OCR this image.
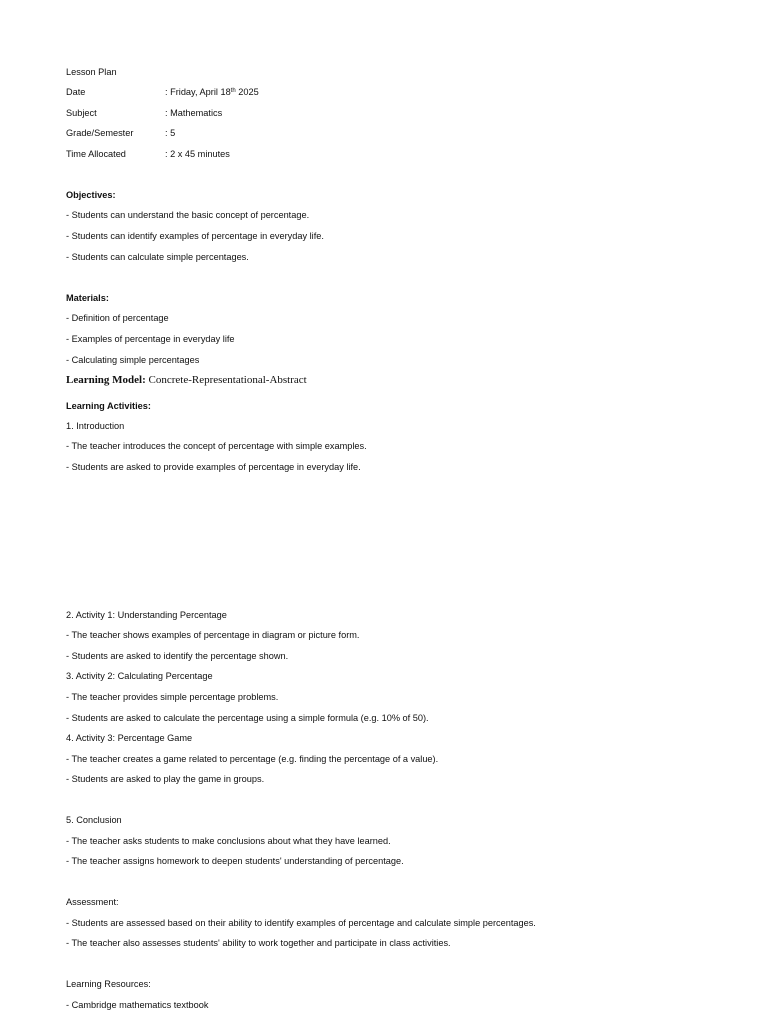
Lesson Plan
Date	: Friday, April 18th 2025
Subject	: Mathematics
Grade/Semester	: 5
Time Allocated	: 2 x 45 minutes
Objectives:
- Students can understand the basic concept of percentage.
- Students can identify examples of percentage in everyday life.
- Students can calculate simple percentages.
Materials:
- Definition of percentage
- Examples of percentage in everyday life
- Calculating simple percentages
Learning Model: Concrete-Representational-Abstract
Learning Activities:
1. Introduction
- The teacher introduces the concept of percentage with simple examples.
- Students are asked to provide examples of percentage in everyday life.
2. Activity 1: Understanding Percentage
- The teacher shows examples of percentage in diagram or picture form.
- Students are asked to identify the percentage shown.
3. Activity 2: Calculating Percentage
- The teacher provides simple percentage problems.
- Students are asked to calculate the percentage using a simple formula (e.g. 10% of 50).
4. Activity 3: Percentage Game
- The teacher creates a game related to percentage (e.g. finding the percentage of a value).
- Students are asked to play the game in groups.
5. Conclusion
- The teacher asks students to make conclusions about what they have learned.
- The teacher assigns homework to deepen students' understanding of percentage.
Assessment:
- Students are assessed based on their ability to identify examples of percentage and calculate simple percentages.
- The teacher also assesses students' ability to work together and participate in class activities.
Learning Resources:
- Cambridge mathematics textbook
